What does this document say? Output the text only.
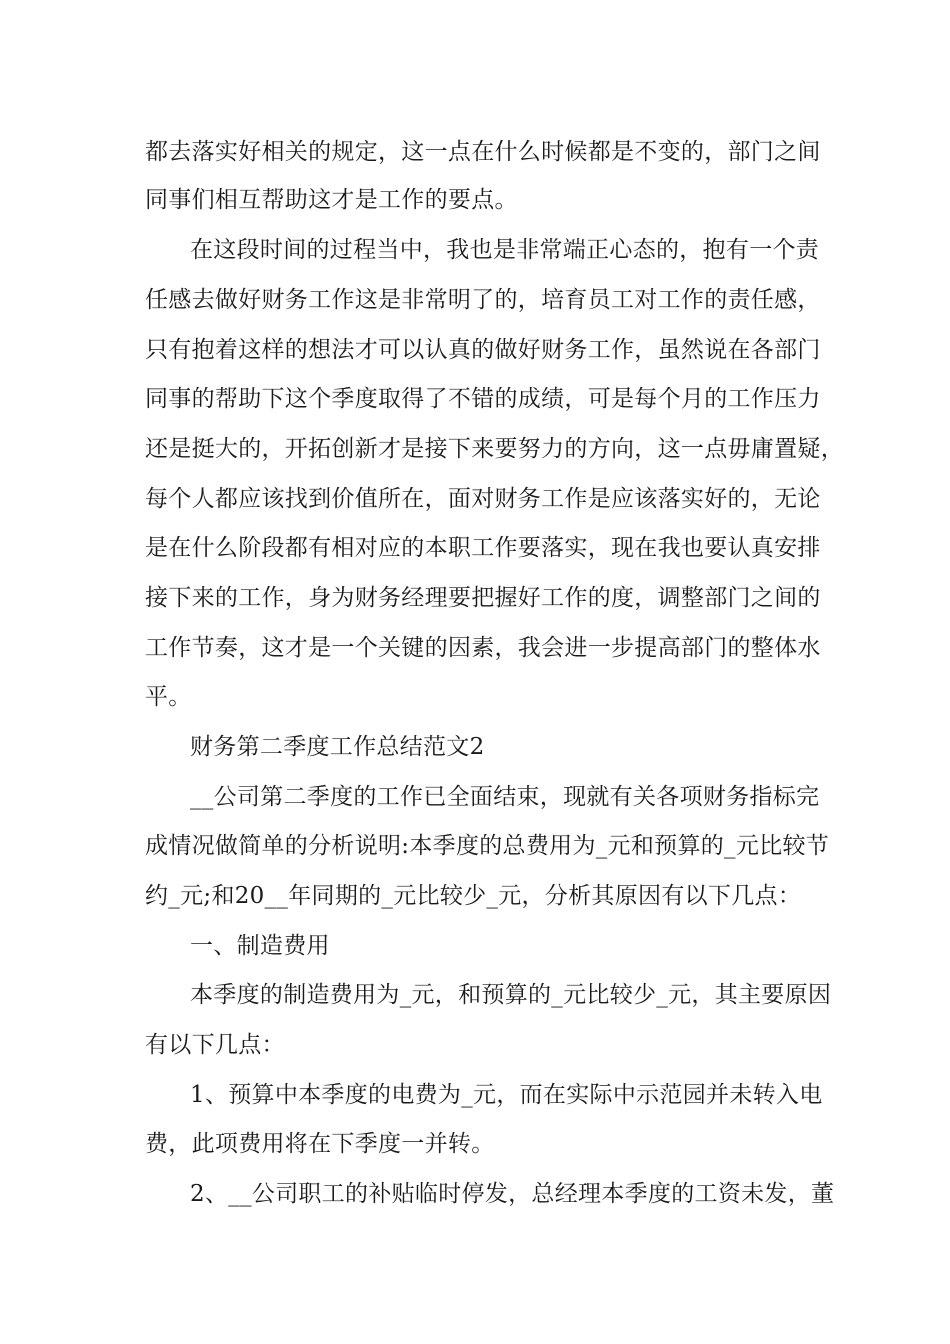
都去落实好相关的规定，这一点在什么时候都是不变的，部门之间
同事们相互帮助这才是工作的要点。
在这段时间的过程当中，我也是非常端正心态的，抱有一个责
任感去做好财务工作这是非常明了的，培育员工对工作的责任感，
只有抱着这样的想法才可以认真的做好财务工作，虽然说在各部门
同事的帮助下这个季度取得了不错的成绩，可是每个月的工作压力
还是挺大的，开拓创新才是接下来要努力的方向，这一点毋庸置疑，
每个人都应该找到价值所在，面对财务工作是应该落实好的，无论
是在什么阶段都有相对应的本职工作要落实，现在我也要认真安排
接下来的工作，身为财务经理要把握好工作的度，调整部门之间的
工作节奏，这才是一个关键的因素，我会进一步提高部门的整体水
平。
财务第二季度工作总结范文2
__公司第二季度的工作已全面结束，现就有关各项财务指标完
成情况做简单的分析说明:本季度的总费用为_元和预算的_元比较节
约_元;和20__年同期的_元比较少_元，分析其原因有以下几点：
一、制造费用
本季度的制造费用为_元，和预算的_元比较少_元，其主要原因
有以下几点：
1、预算中本季度的电费为_元，而在实际中示范园并未转入电
费，此项费用将在下季度一并转。
2、__公司职工的补贴临时停发，总经理本季度的工资未发，董
